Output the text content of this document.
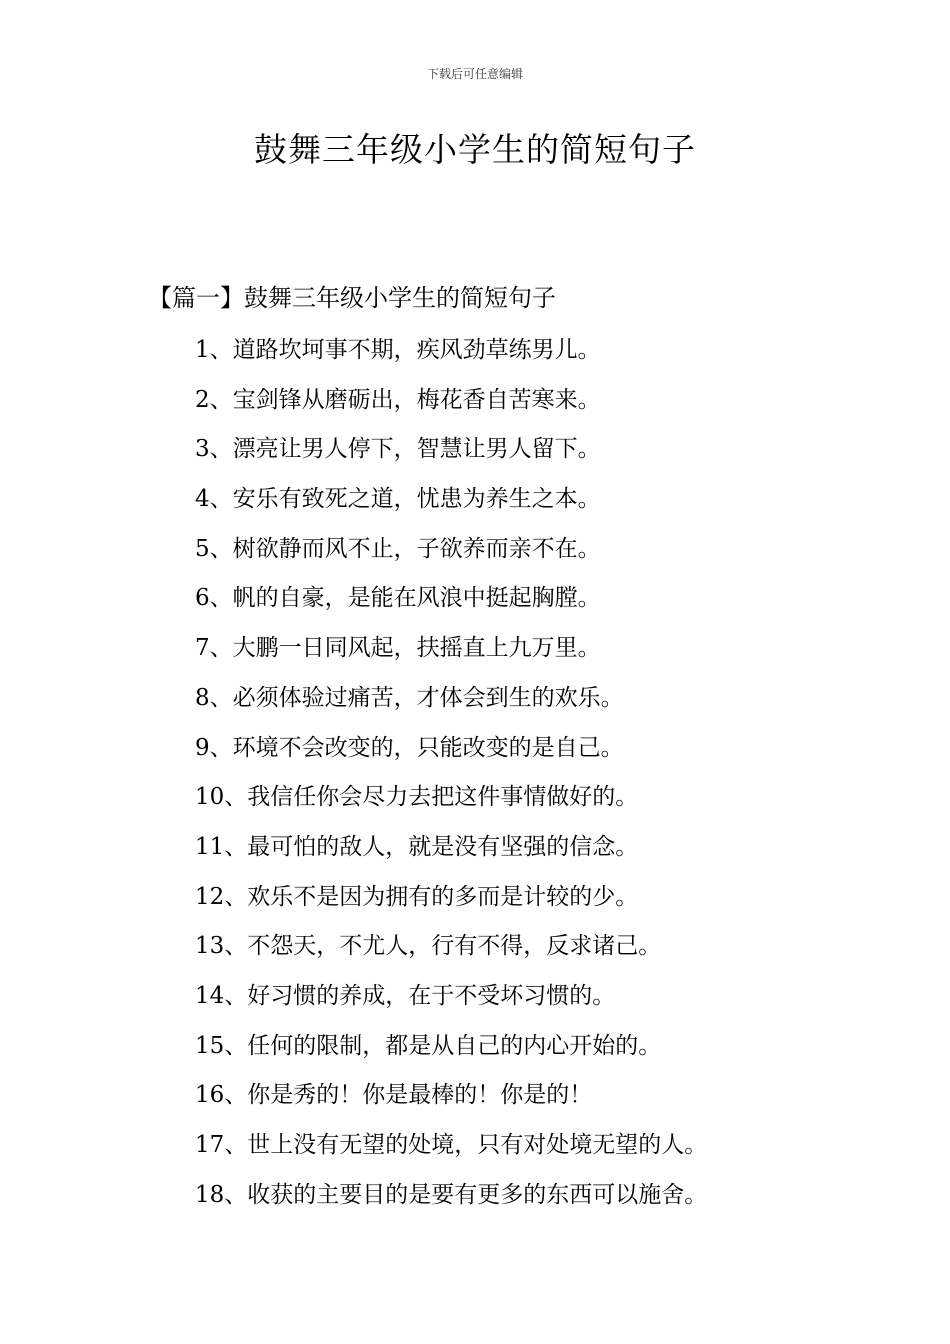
下载后可任意编辑
鼓舞三年级小学生的简短句子
【篇一】鼓舞三年级小学生的简短句子
1、道路坎坷事不期，疾风劲草练男儿。
2、宝剑锋从磨砺出，梅花香自苦寒来。
3、漂亮让男人停下，智慧让男人留下。
4、安乐有致死之道，忧患为养生之本。
5、树欲静而风不止，子欲养而亲不在。
6、帆的自豪，是能在风浪中挺起胸膛。
7、大鹏一日同风起，扶摇直上九万里。
8、必须体验过痛苦，才体会到生的欢乐。
9、环境不会改变的，只能改变的是自己。
10、我信任你会尽力去把这件事情做好的。
11、最可怕的敌人，就是没有坚强的信念。
12、欢乐不是因为拥有的多而是计较的少。
13、不怨天，不尤人，行有不得，反求诸己。
14、好习惯的养成，在于不受坏习惯的。
15、任何的限制，都是从自己的内心开始的。
16、你是秀的！你是最棒的！你是的！
17、世上没有无望的处境，只有对处境无望的人。
18、收获的主要目的是要有更多的东西可以施舍。
